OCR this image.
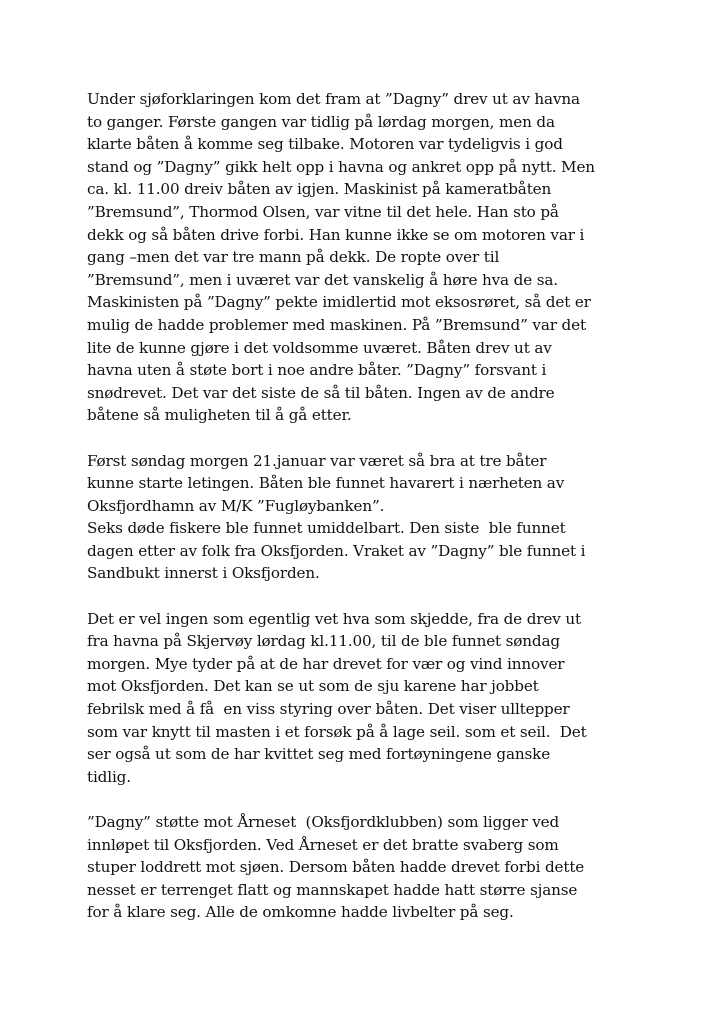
Under sjøforklaringen kom det fram at ”Dagny” drev ut av havna
to ganger. Første gangen var tidlig på lørdag morgen, men da
klarte båten å komme seg tilbake. Motoren var tydeligvis i god
stand og ”Dagny” gikk helt opp i havna og ankret opp på nytt. Men
ca. kl. 11.00 dreiv båten av igjen. Maskinist på kameratbåten
”Bremsund”, Thormod Olsen, var vitne til det hele. Han sto på
dekk og så båten drive forbi. Han kunne ikke se om motoren var i
gang –men det var tre mann på dekk. De ropte over til
”Bremsund”, men i uværet var det vanskelig å høre hva de sa.
Maskinisten på ”Dagny” pekte imidlertid mot eksosrøret, så det er
mulig de hadde problemer med maskinen. På ”Bremsund” var det
lite de kunne gjøre i det voldsomme uværet. Båten drev ut av
havna uten å støte bort i noe andre båter. ”Dagny” forsvant i
snødrevet. Det var det siste de så til båten. Ingen av de andre
båtene så muligheten til å gå etter.
Først søndag morgen 21.januar var været så bra at tre båter
kunne starte letingen. Båten ble funnet havarert i nærheten av
Oksfjordhamn av M/K ”Fugløybanken”.
Seks døde fiskere ble funnet umiddelbart. Den siste  ble funnet
dagen etter av folk fra Oksfjorden. Vraket av ”Dagny” ble funnet i
Sandbukt innerst i Oksfjorden.
Det er vel ingen som egentlig vet hva som skjedde, fra de drev ut
fra havna på Skjervøy lørdag kl.11.00, til de ble funnet søndag
morgen. Mye tyder på at de har drevet for vær og vind innover
mot Oksfjorden. Det kan se ut som de sju karene har jobbet
febrilsk med å få  en viss styring over båten. Det viser ulltepper
som var knytt til masten i et forsøk på å lage seil. som et seil.  Det
ser også ut som de har kvittet seg med fortøyningene ganske
tidlig.
”Dagny” støtte mot Årneset  (Oksfjordklubben) som ligger ved
innløpet til Oksfjorden. Ved Årneset er det bratte svaberg som
stuper loddrett mot sjøen. Dersom båten hadde drevet forbi dette
nesset er terrenget flatt og mannskapet hadde hatt større sjanse
for å klare seg. Alle de omkomne hadde livbelter på seg.
